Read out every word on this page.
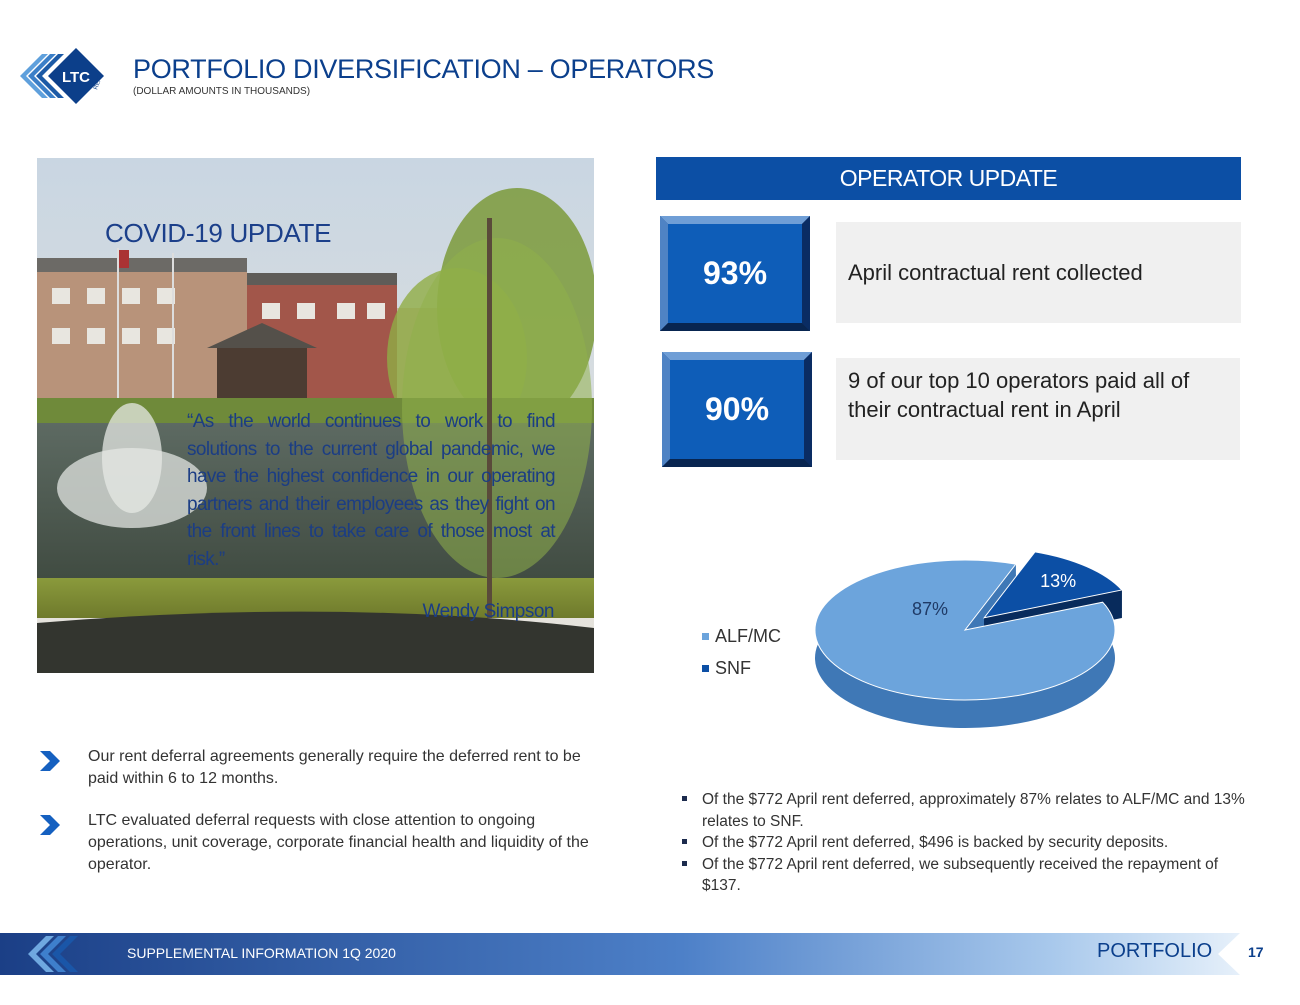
LTC REIT PORTFOLIO DIVERSIFICATION – OPERATORS
(DOLLAR AMOUNTS IN THOUSANDS)
COVID-19 UPDATE
“As the world continues to work to find solutions to the current global pandemic, we have the highest confidence in our operating partners and their employees as they fight on the front lines to take care of those most at risk.”
Wendy Simpson
OPERATOR UPDATE
93%	April contractual rent collected
90%
9 of our top 10 operators paid all of their contractual rent in April
87%
13%
ALF/MC
SNF
Our rent deferral agreements generally require the deferred rent to be paid within 6 to 12 months.
LTC evaluated deferral requests with close attention to ongoing operations, unit coverage, corporate financial health and liquidity of the operator.
Of the $772 April rent deferred, approximately 87% relates to ALF/MC and 13% relates to SNF.
Of the $772 April rent deferred, $496 is backed by security deposits.
Of the $772 April rent deferred, we subsequently received the repayment of $137.
SUPPLEMENTAL INFORMATION 1Q 2020	PORTFOLIO	17
